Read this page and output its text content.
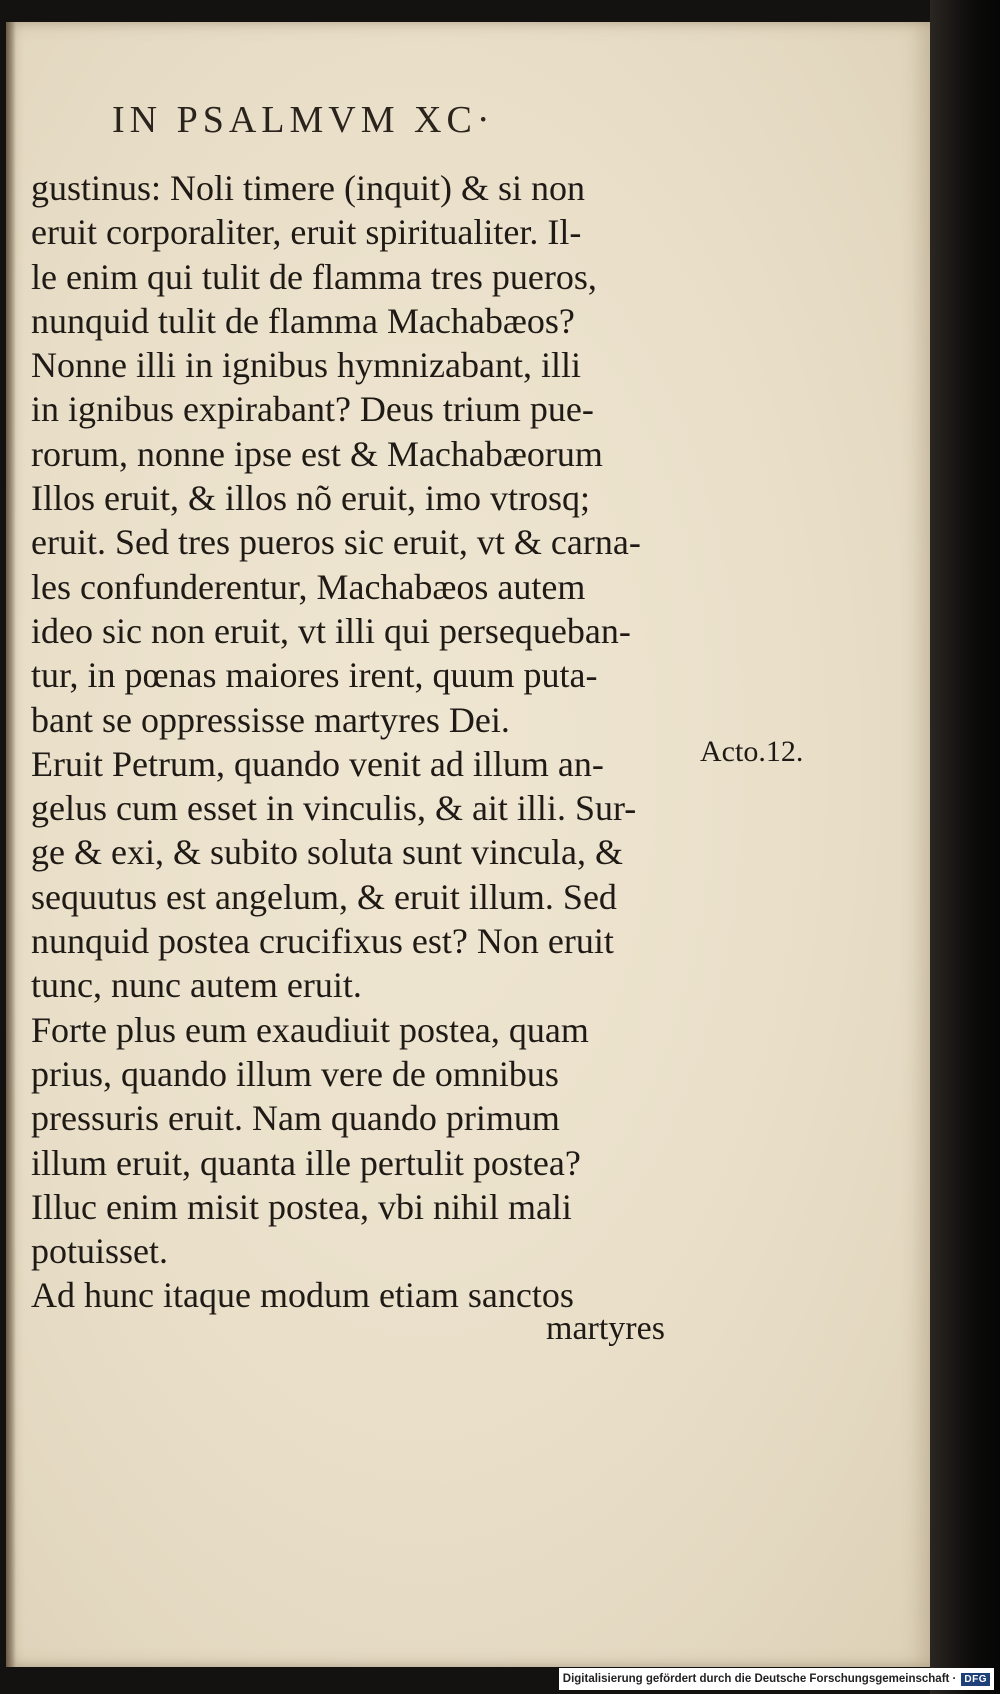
IN PSALMVM XC·
gustinus: Noli timere (inquit) & si non
eruit corporaliter, eruit spiritualiter. Il-
le enim qui tulit de flamma tres pueros,
nunquid tulit de flamma Machabæos?
Nonne illi in ignibus hymnizabant, illi
in ignibus expirabant? Deus trium pue-
rorum, nonne ipse est & Machabæorum
Illos eruit, & illos nõ eruit, imo vtrosq;
eruit. Sed tres pueros sic eruit, vt & carna-
les confunderentur, Machabæos autem
ideo sic non eruit, vt illi qui persequeban-
tur, in pœnas maiores irent, quum puta-
bant se oppressisse martyres Dei.
Eruit Petrum, quando venit ad illum an-
gelus cum esset in vinculis, & ait illi. Sur-
ge & exi, & subito soluta sunt vincula, &
sequutus est angelum, & eruit illum. Sed
nunquid postea crucifixus est? Non eruit
tunc, nunc autem eruit.
Forte plus eum exaudiuit postea, quam
prius, quando illum vere de omnibus
pressuris eruit. Nam quando primum
illum eruit, quanta ille pertulit postea?
Illuc enim misit postea, vbi nihil mali
potuisset.
Ad hunc itaque modum etiam sanctos
Acto.12.
martyres
Digitalisierung gefördert durch die Deutsche Forschungsgemeinschaft · DFG
